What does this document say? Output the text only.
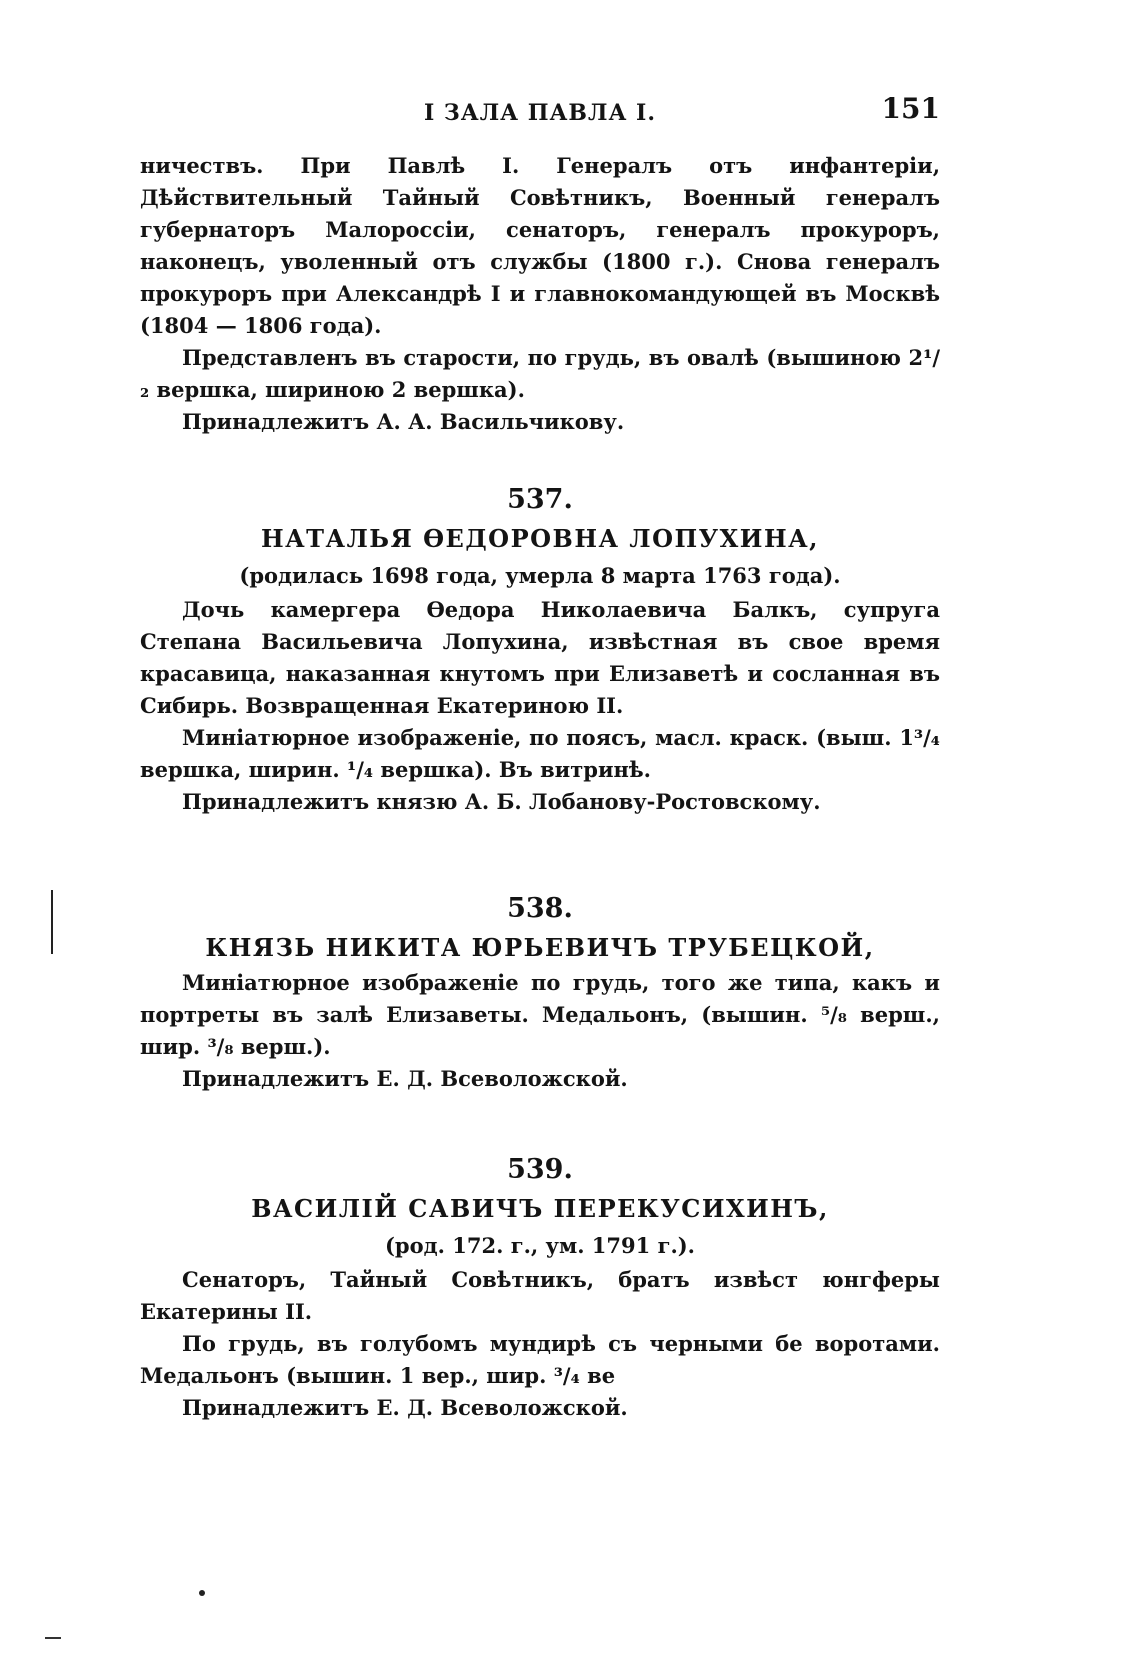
I ЗАЛА ПАВЛА I.	151

ничествъ. При Павлѣ I. Генералъ отъ инфантеріи, Дѣйствительный Тайный Совѣтникъ, Военный генералъ губернаторъ Малороссіи, сенаторъ, генералъ прокуроръ, наконецъ, уволенный отъ службы (1800 г.). Снова генералъ прокуроръ при Александрѣ I и главнокомандующей въ Москвѣ (1804 — 1806 года).

Представленъ въ старости, по грудь, въ овалѣ (вышиною 2¹/₂ вершка, шириною 2 вершка).

Принадлежитъ А. А. Васильчикову.

537.

НАТАЛЬЯ ѲЕДОРОВНА ЛОПУХИНА,

(родилась 1698 года, умерла 8 марта 1763 года).

Дочь камергера Ѳедора Николаевича Балкъ, супруга Степана Васильевича Лопухина, извѣстная въ свое время красавица, наказанная кнутомъ при Елизаветѣ и сосланная въ Сибирь. Возвращенная Екатериною II.

Миніатюрное изображеніе, по поясъ, масл. краск. (выш. 1³/₄ вершка, ширин. ¹/₄ вершка). Въ витринѣ.

Принадлежитъ князю А. Б. Лобанову-Ростовскому.

538.

КНЯЗЬ НИКИТА ЮРЬЕВИЧЪ ТРУБЕЦКОЙ,

Миніатюрное изображеніе по грудь, того же типа, какъ и портреты въ залѣ Елизаветы. Медальонъ, (вышин. ⁵/₈ верш., шир. ³/₈ верш.).

Принадлежитъ Е. Д. Всеволожской.

539.

ВАСИЛІЙ САВИЧЪ ПЕРЕКУСИХИНЪ,

(род. 172. г., ум. 1791 г.).

Сенаторъ, Тайный Совѣтникъ, братъ извѣст юнгферы Екатерины II.

По грудь, въ голубомъ мундирѣ съ черными бе воротами. Медальонъ (вышин. 1 вер., шир. ³/₄ ве

Принадлежитъ Е. Д. Всеволожской.
